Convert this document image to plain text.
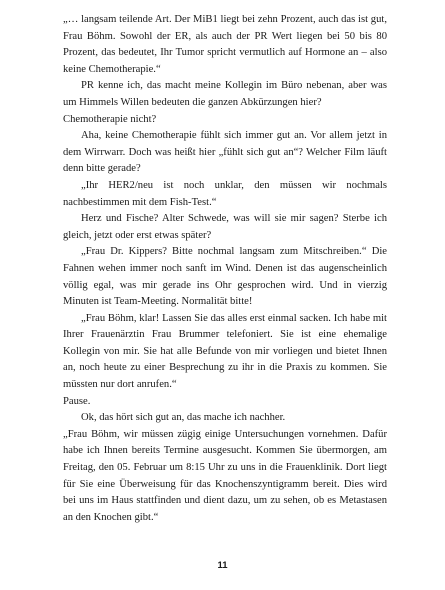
„… langsam teilende Art. Der MiB1 liegt bei zehn Prozent, auch das ist gut, Frau Böhm. Sowohl der ER, als auch der PR Wert liegen bei 50 bis 80 Prozent, das bedeutet, Ihr Tumor spricht vermutlich auf Hormone an – also keine Chemotherapie.“

PR kenne ich, das macht meine Kollegin im Büro nebenan, aber was um Himmels Willen bedeuten die ganzen Abkürzungen hier?

Chemotherapie nicht?

Aha, keine Chemotherapie fühlt sich immer gut an. Vor allem jetzt in dem Wirrwarr. Doch was heißt hier „fühlt sich gut an“? Welcher Film läuft denn bitte gerade?

„Ihr HER2/neu ist noch unklar, den müssen wir nochmals nachbestimmen mit dem Fish-Test.“

Herz und Fische? Alter Schwede, was will sie mir sagen? Sterbe ich gleich, jetzt oder erst etwas später?

„Frau Dr. Kippers? Bitte nochmal langsam zum Mitschreiben.“ Die Fahnen wehen immer noch sanft im Wind. Denen ist das augenscheinlich völlig egal, was mir gerade ins Ohr gesprochen wird. Und in vierzig Minuten ist Team-Meeting. Normalität bitte!

„Frau Böhm, klar! Lassen Sie das alles erst einmal sacken. Ich habe mit Ihrer Frauenärztin Frau Brummer telefoniert. Sie ist eine ehemalige Kollegin von mir. Sie hat alle Befunde von mir vorliegen und bietet Ihnen an, noch heute zu einer Besprechung zu ihr in die Praxis zu kommen. Sie müssten nur dort anrufen.“

Pause.

Ok, das hört sich gut an, das mache ich nachher.

„Frau Böhm, wir müssen zügig einige Untersuchungen vornehmen. Dafür habe ich Ihnen bereits Termine ausgesucht. Kommen Sie übermorgen, am Freitag, den 05. Februar um 8:15 Uhr zu uns in die Frauenklinik. Dort liegt für Sie eine Überweisung für das Knochenszyntigramm bereit. Dies wird bei uns im Haus stattfinden und dient dazu, um zu sehen, ob es Metastasen an den Knochen gibt.“

11
